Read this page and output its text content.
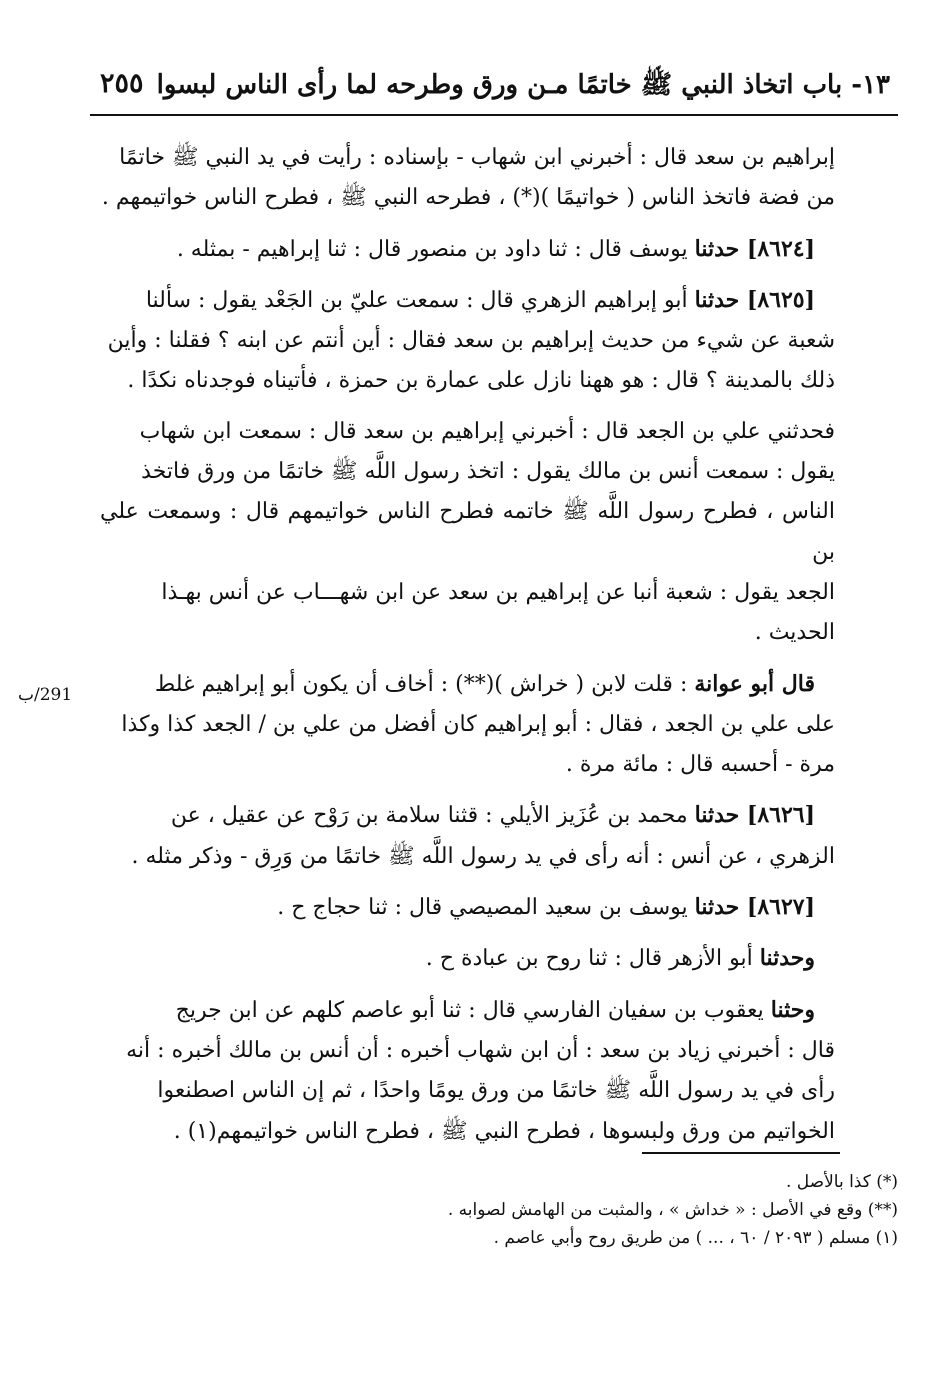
١٣- باب اتخاذ النبي ﷺ خاتمًا مـن ورق وطرحه لما رأى الناس لبسوا
٢٥٥
291/ب

إبراهيم بن سعد قال : أخبرني ابن شهاب - بإسناده : رأيت في يد النبي ﷺ خاتمًا

من فضة فاتخذ الناس ( خواتيمًا )(*) ، فطرحه النبي ﷺ ، فطرح الناس خواتيمهم .

[٨٦٢٤] حدثنا يوسف قال : ثنا داود بن منصور قال : ثنا إبراهيم - بمثله .

[٨٦٢٥] حدثنا أبو إبراهيم الزهري قال : سمعت عليّ بن الجَعْد يقول : سألنا

شعبة عن شيء من حديث إبراهيم بن سعد فقال : أين أنتم عن ابنه ؟ فقلنا : وأين

ذلك بالمدينة ؟ قال : هو ههنا نازل على عمارة بن حمزة ، فأتيناه فوجدناه نكدًا .

فحدثني علي بن الجعد قال : أخبرني إبراهيم بن سعد قال : سمعت ابن شهاب

يقول : سمعت أنس بن مالك يقول : اتخذ رسول اللَّه ﷺ خاتمًا من ورق فاتخذ

الناس ، فطرح رسول اللَّه ﷺ خاتمه فطرح الناس خواتيمهم قال : وسمعت علي بن

الجعد يقول : شعبة أنبا عن إبراهيم بن سعد عن ابن شهـــاب عن أنس بهـذا

الحديث .

قال أبو عوانة : قلت لابن ( خراش )(**) : أخاف أن يكون أبو إبراهيم غلط

على علي بن الجعد ، فقال : أبو إبراهيم كان أفضل من علي بن / الجعد كذا وكذا

مرة - أحسبه قال : مائة مرة .

[٨٦٢٦] حدثنا محمد بن عُزَيز الأيلي : قثنا سلامة بن رَوْح عن عقيل ، عن

الزهري ، عن أنس : أنه رأى في يد رسول اللَّه ﷺ خاتمًا من وَرِق - وذكر مثله .

[٨٦٢٧] حدثنا يوسف بن سعيد المصيصي قال : ثنا حجاج ح .

وحدثنا أبو الأزهر قال : ثنا روح بن عبادة ح .

وحثنا يعقوب بن سفيان الفارسي قال : ثنا أبو عاصم كلهم عن ابن جريج

قال : أخبرني زياد بن سعد : أن ابن شهاب أخبره : أن أنس بن مالك أخبره : أنه

رأى في يد رسول اللَّه ﷺ خاتمًا من ورق يومًا واحدًا ، ثم إن الناس اصطنعوا

الخواتيم من ورق ولبسوها ، فطرح النبي ﷺ ، فطرح الناس خواتيمهم(١) .

(*) كذا بالأصل .

(**) وقع في الأصل : « خداش » ، والمثبت من الهامش لصوابه .

(١) مسلم ( ٢٠٩٣ / ٦٠ ، ... ) من طريق روح وأبي عاصم .
